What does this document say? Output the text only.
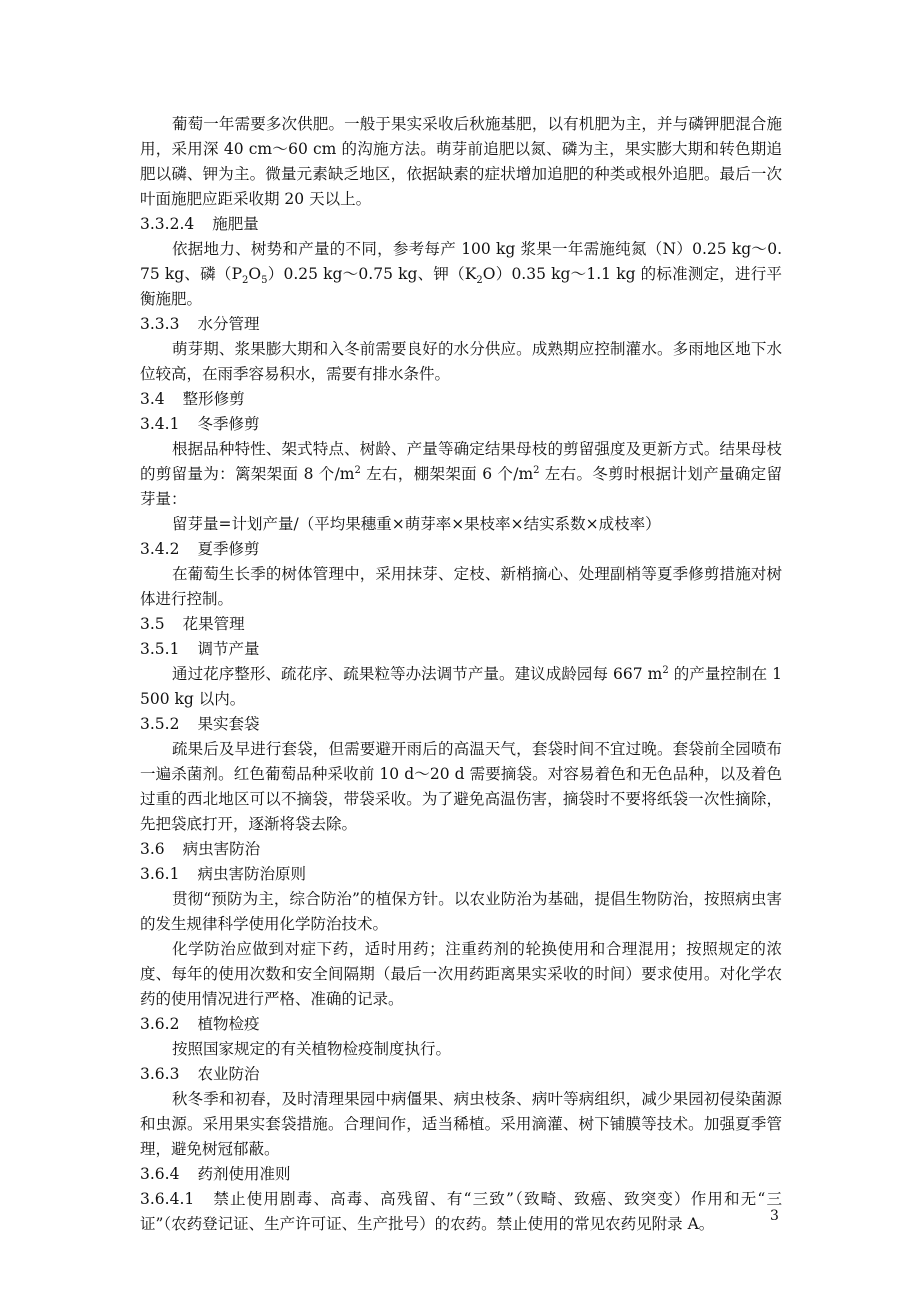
葡萄一年需要多次供肥。一般于果实采收后秋施基肥，以有机肥为主，并与磷钾肥混合施用，采用深 40 cm～60 cm 的沟施方法。萌芽前追肥以氮、磷为主，果实膨大期和转色期追肥以磷、钾为主。微量元素缺乏地区，依据缺素的症状增加追肥的种类或根外追肥。最后一次叶面施肥应距采收期 20 天以上。

3.3.2.4 施肥量

依据地力、树势和产量的不同，参考每产 100 kg 浆果一年需施纯氮（N）0.25 kg～0.75 kg、磷$(P_2O_5)0.25$ kg～0.75 kg、钾$(K_2O)0.35$ kg～1.1 kg 的标准测定，进行平衡施肥。

3.3.3 水分管理

萌芽期、浆果膨大期和入冬前需要良好的水分供应。成熟期应控制灌水。多雨地区地下水位较高，在雨季容易积水，需要有排水条件。

3.4 整形修剪
3.4.1 冬季修剪

根据品种特性、架式特点、树龄、产量等确定结果母枝的剪留强度及更新方式。结果母枝的剪留量为：篱架架面 8 个$/m^2$ 左右，棚架架面 6 个$/m^2$ 左右。冬剪时根据计划产量确定留芽量：

留芽量=计划产量/（平均果穗重×萌芽率×果枝率×结实系数×成枝率）

3.4.2 夏季修剪

在葡萄生长季的树体管理中，采用抹芽、定枝、新梢摘心、处理副梢等夏季修剪措施对树体进行控制。

3.5 花果管理
3.5.1 调节产量

通过花序整形、疏花序、疏果粒等办法调节产量。建议成龄园每 667 $m^2$ 的产量控制在 1 500 kg 以内。

3.5.2 果实套袋

疏果后及早进行套袋，但需要避开雨后的高温天气，套袋时间不宜过晚。套袋前全园喷布一遍杀菌剂。红色葡萄品种采收前 10 d～20 d 需要摘袋。对容易着色和无色品种，以及着色过重的西北地区可以不摘袋，带袋采收。为了避免高温伤害，摘袋时不要将纸袋一次性摘除，先把袋底打开，逐渐将袋去除。

3.6 病虫害防治
3.6.1 病虫害防治原则

贯彻“预防为主，综合防治”的植保方针。以农业防治为基础，提倡生物防治，按照病虫害的发生规律科学使用化学防治技术。

化学防治应做到对症下药，适时用药；注重药剂的轮换使用和合理混用；按照规定的浓度、每年的使用次数和安全间隔期（最后一次用药距离果实采收的时间）要求使用。对化学农药的使用情况进行严格、准确的记录。

3.6.2 植物检疫

按照国家规定的有关植物检疫制度执行。

3.6.3 农业防治

秋冬季和初春，及时清理果园中病僵果、病虫枝条、病叶等病组织，减少果园初侵染菌源和虫源。采用果实套袋措施。合理间作，适当稀植。采用滴灌、树下铺膜等技术。加强夏季管理，避免树冠郁蔽。

3.6.4 药剂使用准则

3.6.4.1 禁止使用剧毒、高毒、高残留、有“三致”（致畸、致癌、致突变）作用和无“三证”（农药登记证、生产许可证、生产批号）的农药。禁止使用的常见农药见附录 A。	3
